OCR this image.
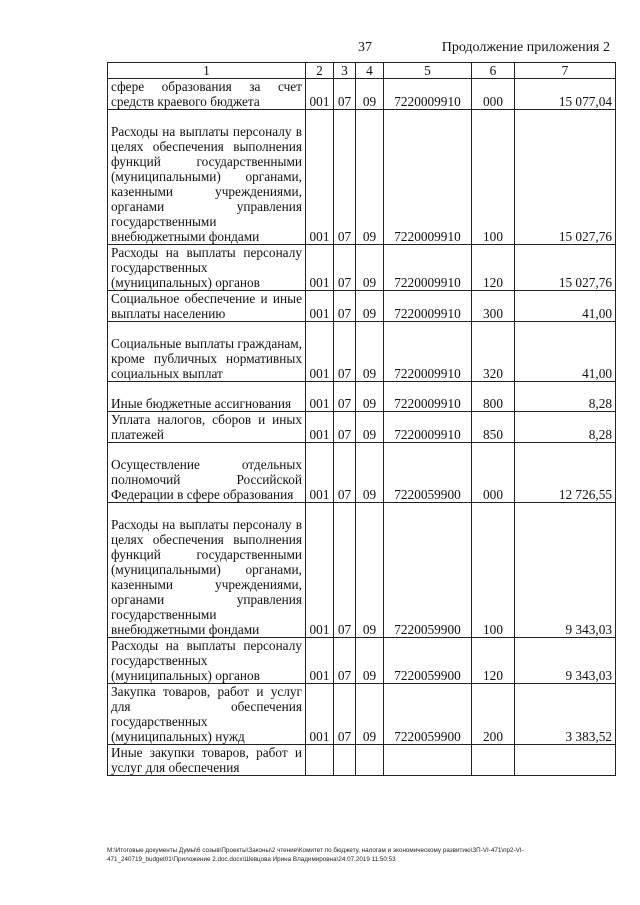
37	Продолжение приложения 2
1	2	3	4	5	6	7
сфере образования за счет средств краевого бюджета	001	07	09	7220009910	000	15 077,04
Расходы на выплаты персоналу в целях обеспечения выполнения функций государственными (муниципальными) органами, казенными учреждениями, органами управления государственными внебюджетными фондами	001	07	09	7220009910	100	15 027,76
Расходы на выплаты персоналу государственных (муниципальных) органов	001	07	09	7220009910	120	15 027,76
Социальное обеспечение и иные выплаты населению	001	07	09	7220009910	300	41,00
Социальные выплаты гражданам, кроме публичных нормативных социальных выплат	001	07	09	7220009910	320	41,00
Иные бюджетные ассигнования	001	07	09	7220009910	800	8,28
Уплата налогов, сборов и иных платежей	001	07	09	7220009910	850	8,28
Осуществление отдельных полномочий Российской Федерации в сфере образования	001	07	09	7220059900	000	12 726,55
Расходы на выплаты персоналу в целях обеспечения выполнения функций государственными (муниципальными) органами, казенными учреждениями, органами управления государственными внебюджетными фондами	001	07	09	7220059900	100	9 343,03
Расходы на выплаты персоналу государственных (муниципальных) органов	001	07	09	7220059900	120	9 343,03
Закупка товаров, работ и услуг для обеспечения государственных (муниципальных) нужд	001	07	09	7220059900	200	3 383,52
Иные закупки товаров, работ и услуг для обеспечения						
M:\Итоговые документы Думы\6 созыв\Проекты\Законы\2 чтение\Комитет по бюджету, налогам и экономическому развитию\ЗП-VI-471\пр2-VI-471_240719_budget01\Приложение 2.doc.docx\Шевцова Ирина Владимировна\24.07.2019 11:50:53
